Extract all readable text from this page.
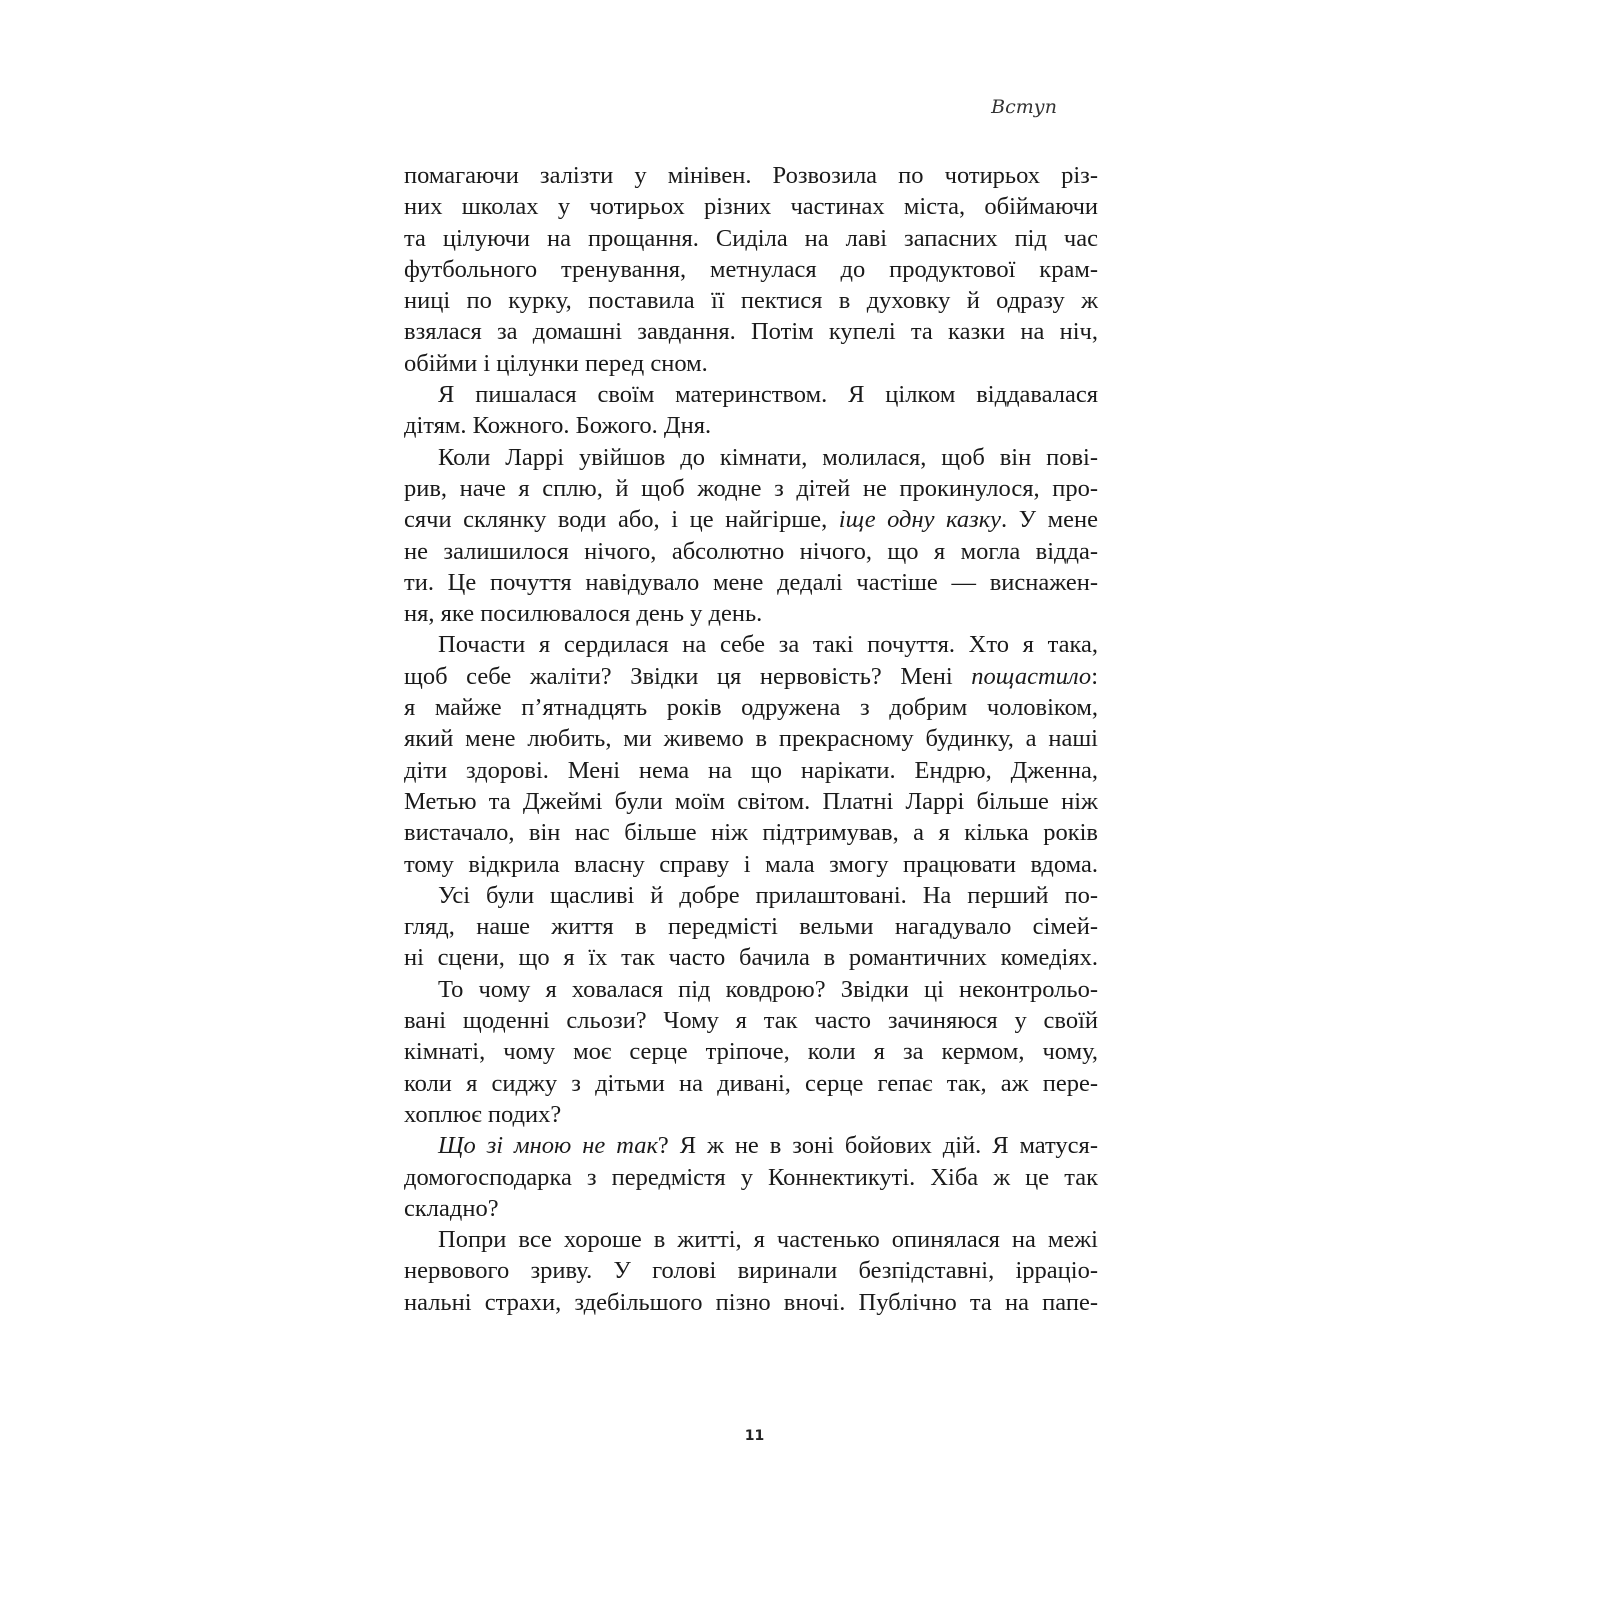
Вступ
помагаючи залізти у мінівен. Розвозила по чотирьох різ-
них школах у чотирьох різних частинах міста, обіймаючи
та цілуючи на прощання. Сиділа на лаві запасних під час
футбольного тренування, метнулася до продуктової крам-
ниці по курку, поставила її пектися в духовку й одразу ж
взялася за домашні завдання. Потім купелі та казки на ніч,
обійми і цілунки перед сном.
Я пишалася своїм материнством. Я цілком віддавалася
дітям. Кожного. Божого. Дня.
Коли Ларрі увійшов до кімнати, молилася, щоб він пові-
рив, наче я сплю, й щоб жодне з дітей не прокинулося, про-
сячи склянку води або, і це найгірше, іще одну казку. У мене
не залишилося нічого, абсолютно нічого, що я могла відда-
ти. Це почуття навідувало мене дедалі частіше — виснажен-
ня, яке посилювалося день у день.
Почасти я сердилася на себе за такі почуття. Хто я така,
щоб себе жаліти? Звідки ця нервовість? Мені пощастило:
я майже п’ятнадцять років одружена з добрим чоловіком,
який мене любить, ми живемо в прекрасному будинку, а наші
діти здорові. Мені нема на що нарікати. Ендрю, Дженна,
Метью та Джеймі були моїм світом. Платні Ларрі більше ніж
вистачало, він нас більше ніж підтримував, а я кілька років
тому відкрила власну справу і мала змогу працювати вдома.
Усі були щасливі й добре прилаштовані. На перший по-
гляд, наше життя в передмісті вельми нагадувало сімей-
ні сцени, що я їх так часто бачила в романтичних комедіях.
То чому я ховалася під ковдрою? Звідки ці неконтрольо-
вані щоденні сльози? Чому я так часто зачиняюся у своїй
кімнаті, чому моє серце тріпоче, коли я за кермом, чому,
коли я сиджу з дітьми на дивані, серце гепає так, аж пере-
хоплює подих?
Що зі мною не так? Я ж не в зоні бойових дій. Я матуся-
домогосподарка з передмістя у Коннектикуті. Хіба ж це так
складно?
Попри все хороше в житті, я частенько опинялася на межі
нервового зриву. У голові виринали безпідставні, ірраціо-
нальні страхи, здебільшого пізно вночі. Публічно та на папе-
11
